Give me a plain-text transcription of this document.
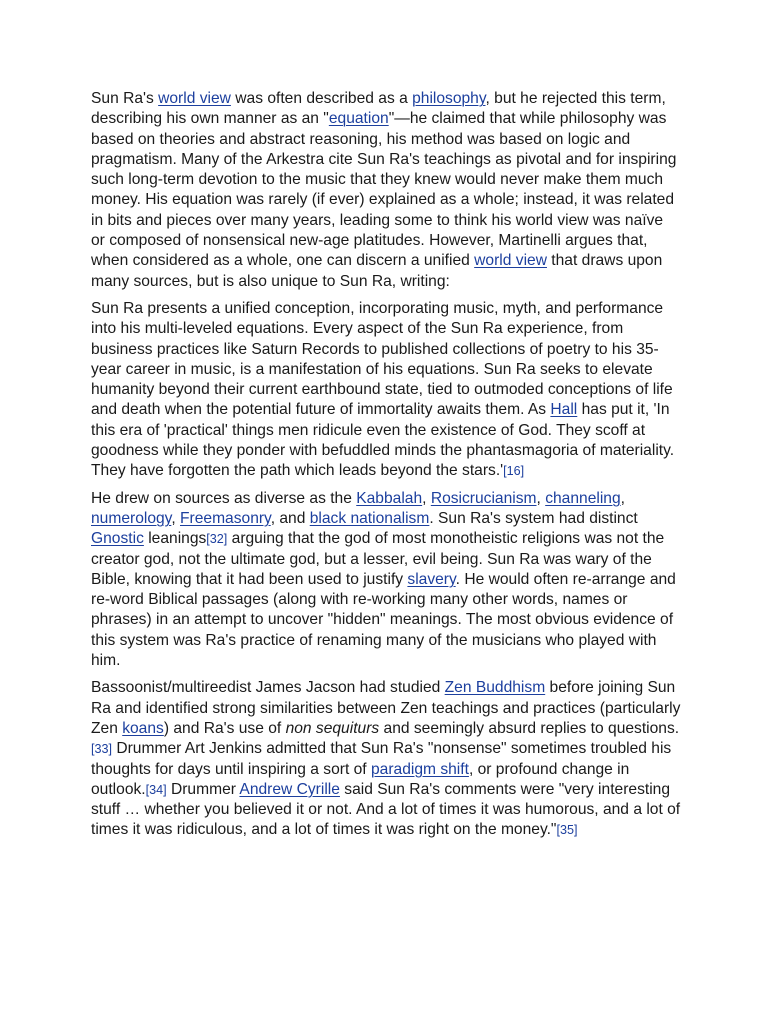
Sun Ra's world view was often described as a philosophy, but he rejected this term, describing his own manner as an "equation"—he claimed that while philosophy was based on theories and abstract reasoning, his method was based on logic and pragmatism. Many of the Arkestra cite Sun Ra's teachings as pivotal and for inspiring such long-term devotion to the music that they knew would never make them much money. His equation was rarely (if ever) explained as a whole; instead, it was related in bits and pieces over many years, leading some to think his world view was naïve or composed of nonsensical new-age platitudes. However, Martinelli argues that, when considered as a whole, one can discern a unified world view that draws upon many sources, but is also unique to Sun Ra, writing:

Sun Ra presents a unified conception, incorporating music, myth, and performance into his multi-leveled equations. Every aspect of the Sun Ra experience, from business practices like Saturn Records to published collections of poetry to his 35-year career in music, is a manifestation of his equations. Sun Ra seeks to elevate humanity beyond their current earthbound state, tied to outmoded conceptions of life and death when the potential future of immortality awaits them. As Hall has put it, 'In this era of 'practical' things men ridicule even the existence of God. They scoff at goodness while they ponder with befuddled minds the phantasmagoria of materiality. They have forgotten the path which leads beyond the stars.'[16]

He drew on sources as diverse as the Kabbalah, Rosicrucianism, channeling, numerology, Freemasonry, and black nationalism. Sun Ra's system had distinct Gnostic leanings[32] arguing that the god of most monotheistic religions was not the creator god, not the ultimate god, but a lesser, evil being. Sun Ra was wary of the Bible, knowing that it had been used to justify slavery. He would often re-arrange and re-word Biblical passages (along with re-working many other words, names or phrases) in an attempt to uncover "hidden" meanings. The most obvious evidence of this system was Ra's practice of renaming many of the musicians who played with him.

Bassoonist/multireedist James Jacson had studied Zen Buddhism before joining Sun Ra and identified strong similarities between Zen teachings and practices (particularly Zen koans) and Ra's use of non sequiturs and seemingly absurd replies to questions.[33] Drummer Art Jenkins admitted that Sun Ra's "nonsense" sometimes troubled his thoughts for days until inspiring a sort of paradigm shift, or profound change in outlook.[34] Drummer Andrew Cyrille said Sun Ra's comments were "very interesting stuff … whether you believed it or not. And a lot of times it was humorous, and a lot of times it was ridiculous, and a lot of times it was right on the money."[35]
